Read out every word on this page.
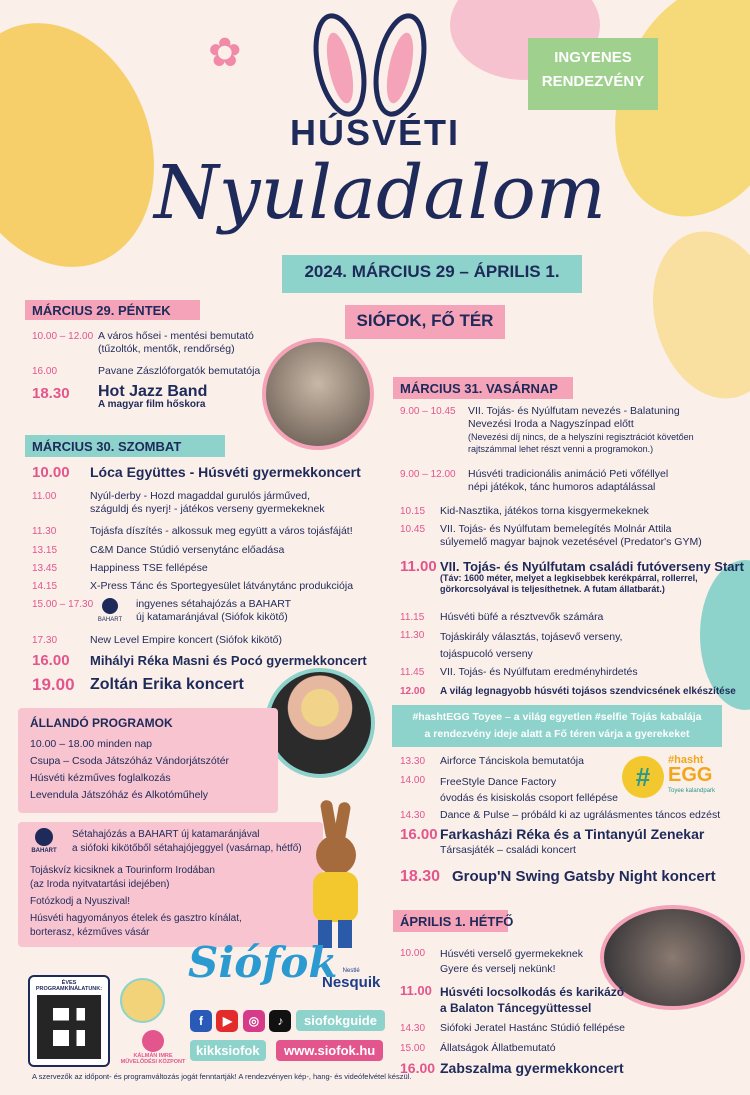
✿	INGYENES
RENDEZVÉNY
HÚSVÉTI
Nyuladalom
2024. MÁRCIUS 29 – ÁPRILIS 1.
SIÓFOK, FŐ TÉR
MÁRCIUS 29. PÉNTEK
10.00 – 12.00 A város hősei - mentési bemutató
(tűzoltók, mentők, rendőrség)
16.00	Pavane Zászlóforgatók bemutatója
18.30 Hot Jazz Band
A magyar film hőskora
MÁRCIUS 30. SZOMBAT
10.00 Lóca Együttes - Húsvéti gyermekkoncert
11.00	Nyúl-derby - Hozd magaddal gurulós járműved,
száguldj és nyerj! - játékos verseny gyermekeknek
11.30	Tojásfa díszítés - alkossuk meg együtt a város tojásfáját!
13.15	C&M Dance Stúdió versenytánc előadása
13.45	Happiness TSE fellépése
14.15	X-Press Tánc és Sportegyesület látványtánc produkciója
15.00 – 17.30
BAHART
ingyenes sétahajózás a BAHART
új katamaránjával (Siófok kikötő)
17.30	New Level Empire koncert (Siófok kikötő)
16.00 Mihályi Réka Masni és Pocó gyermekkoncert
19.00 Zoltán Erika koncert
ÁLLANDÓ PROGRAMOK
10.00 – 18.00 minden nap
Csupa – Csoda Játszóház Vándorjátszótér
Húsvéti kézműves foglalkozás
Levendula Játszóház és Alkotóműhely
BAHART
Sétahajózás a BAHART új katamaránjával
a siófoki kikötőből sétahajójeggyel (vasárnap, hétfő)
Tojáskvíz kicsiknek a Tourinform Irodában
(az Iroda nyitvatartási idejében)
Fotózkodj a Nyuszival!
Húsvéti hagyományos ételek és gasztro kínálat,
borterasz, kézműves vásár
MÁRCIUS 31. VASÁRNAP
9.00 – 10.45 VII. Tojás- és Nyúlfutam nevezés - Balatuning
Nevezési Iroda a Nagyszínpad előtt
(Nevezési díj nincs, de a helyszíni regisztrációt követően
rajtszámmal lehet részt venni a programokon.)
9.00 – 12.00 Húsvéti tradicionális animáció Peti vőféllyel
népi játékok, tánc humoros adaptálással
10.15 Kid-Nasztika, játékos torna kisgyermekeknek
10.45 VII. Tojás- és Nyúlfutam bemelegítés Molnár Attila
súlyemelő magyar bajnok vezetésével (Predator's GYM)
11.00 VII. Tojás- és Nyúlfutam családi futóverseny Start
(Táv: 1600 méter, melyet a legkisebbek kerékpárral, rollerrel,
görkorcsolyával is teljesíthetnek. A futam állatbarát.)
11.15 Húsvéti büfé a résztvevők számára
11.30 Tojáskirály választás, tojásevő verseny,
tojáspucoló verseny
11.45 VII. Tojás- és Nyúlfutam eredményhirdetés
12.00 A világ legnagyobb húsvéti tojásos szendvicsének elkészítése
#hashtEGG Toyee – a világ egyetlen #selfie Tojás kabalája
a rendezvény ideje alatt a Fő téren várja a gyerekeket
13.30 Airforce Tánciskola bemutatója
14.00 FreeStyle Dance Factory
óvodás és kisiskolás csoport fellépése
14.30 Dance & Pulse – próbáld ki az ugrálásmentes táncos edzést
16.00 Farkasházi Réka és a Tintanyúl Zenekar
Társasjáték – családi koncert
18.30 Group'N Swing Gatsby Night koncert
#
#hasht
EGG
Toyee kalandpark
ÁPRILIS 1. HÉTFŐ
10.00 Húsvéti verselő gyermekeknek
Gyere és verselj nekünk!
11.00 Húsvéti locsolkodás és karikázó
a Balaton Táncegyüttessel
14.30 Siófoki Jeratel Hastánc Stúdió fellépése
15.00 Állatságok Állatbemutató
16.00 Zabszalma gyermekkoncert
ÉVES PROGRAMKÍNÁLATUNK:
KÁLMÁN IMRE
MŰVELŐDÉSI KÖZPONT
Siófok Nestlé
Nesquik
f ▶ ◎ ♪	siofokguide
kikksiofok	www.siofok.hu
A szervezők az időpont- és programváltozás jogát fenntartják! A rendezvényen kép-, hang- és videófelvétel készül.
